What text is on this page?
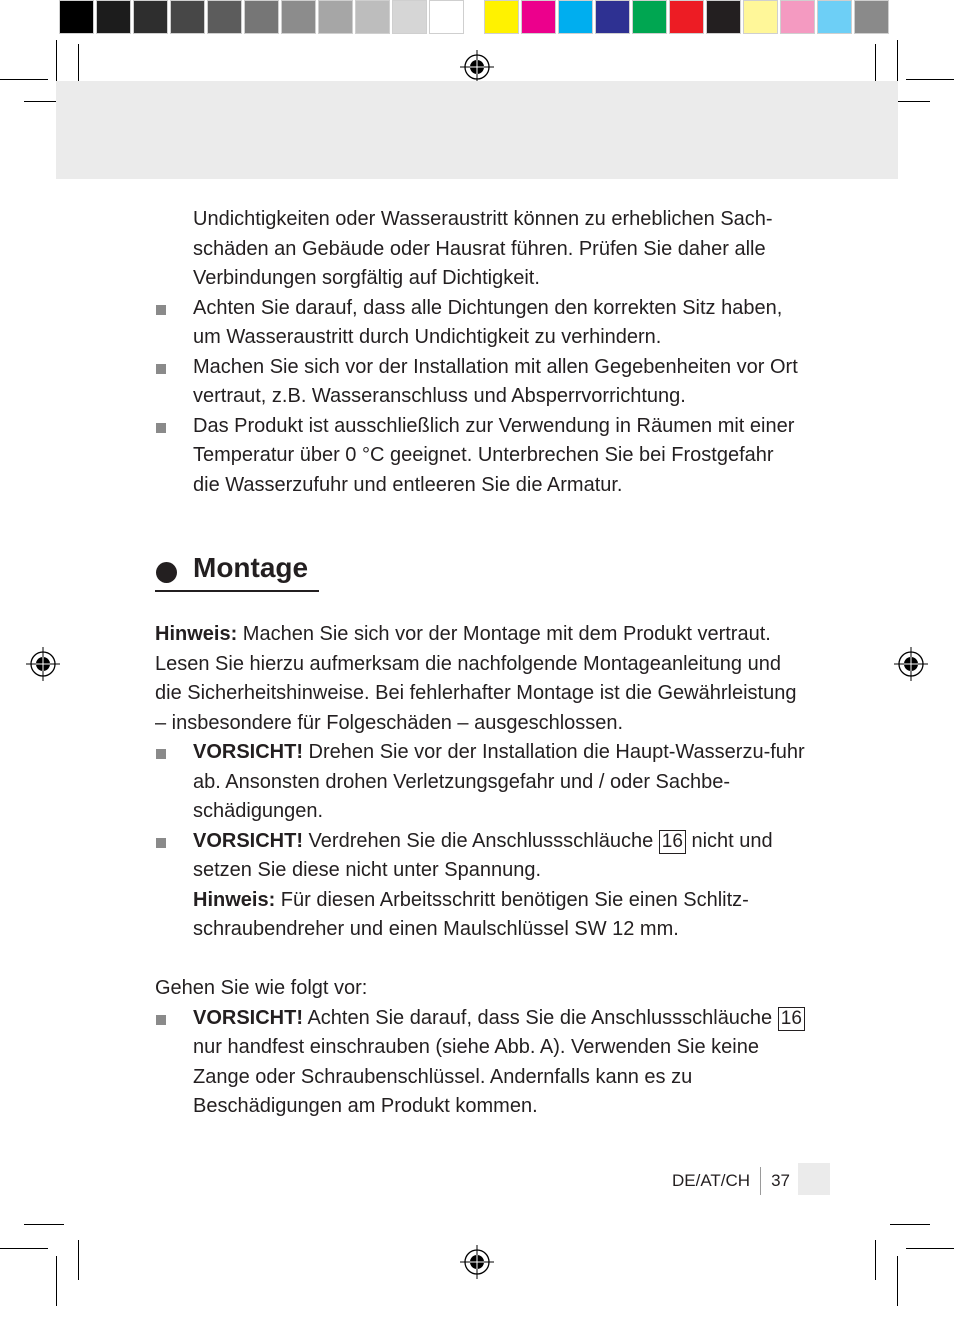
Undichtigkeiten oder Wasseraustritt können zu erheblichen Sach-schäden an Gebäude oder Hausrat führen. Prüfen Sie daher alle Verbindungen sorgfältig auf Dichtigkeit.

Achten Sie darauf, dass alle Dichtungen den korrekten Sitz haben, um Wasseraustritt durch Undichtigkeit zu verhindern.

Machen Sie sich vor der Installation mit allen Gegebenheiten vor Ort vertraut, z.B. Wasseranschluss und Absperrvorrichtung.

Das Produkt ist ausschließlich zur Verwendung in Räumen mit einer Temperatur über 0 °C geeignet. Unterbrechen Sie bei Frostgefahr die Wasserzufuhr und entleeren Sie die Armatur.

Montage

Hinweis: Machen Sie sich vor der Montage mit dem Produkt vertraut. Lesen Sie hierzu aufmerksam die nachfolgende Montageanleitung und die Sicherheitshinweise. Bei fehlerhafter Montage ist die Gewährleistung – insbesondere für Folgeschäden – ausgeschlossen.

VORSICHT! Drehen Sie vor der Installation die Haupt-Wasserzu-fuhr ab. Ansonsten drohen Verletzungsgefahr und / oder Sachbe-schädigungen.

VORSICHT! Verdrehen Sie die Anschlussschläuche 16 nicht und setzen Sie diese nicht unter Spannung.
Hinweis: Für diesen Arbeitsschritt benötigen Sie einen Schlitz-schraubendreher und einen Maulschlüssel SW 12 mm.

Gehen Sie wie folgt vor:

VORSICHT! Achten Sie darauf, dass Sie die Anschlussschläuche 16 nur handfest einschrauben (siehe Abb. A). Verwenden Sie keine Zange oder Schraubenschlüssel. Andernfalls kann es zu Beschädigungen am Produkt kommen.

DE/AT/CH 37
